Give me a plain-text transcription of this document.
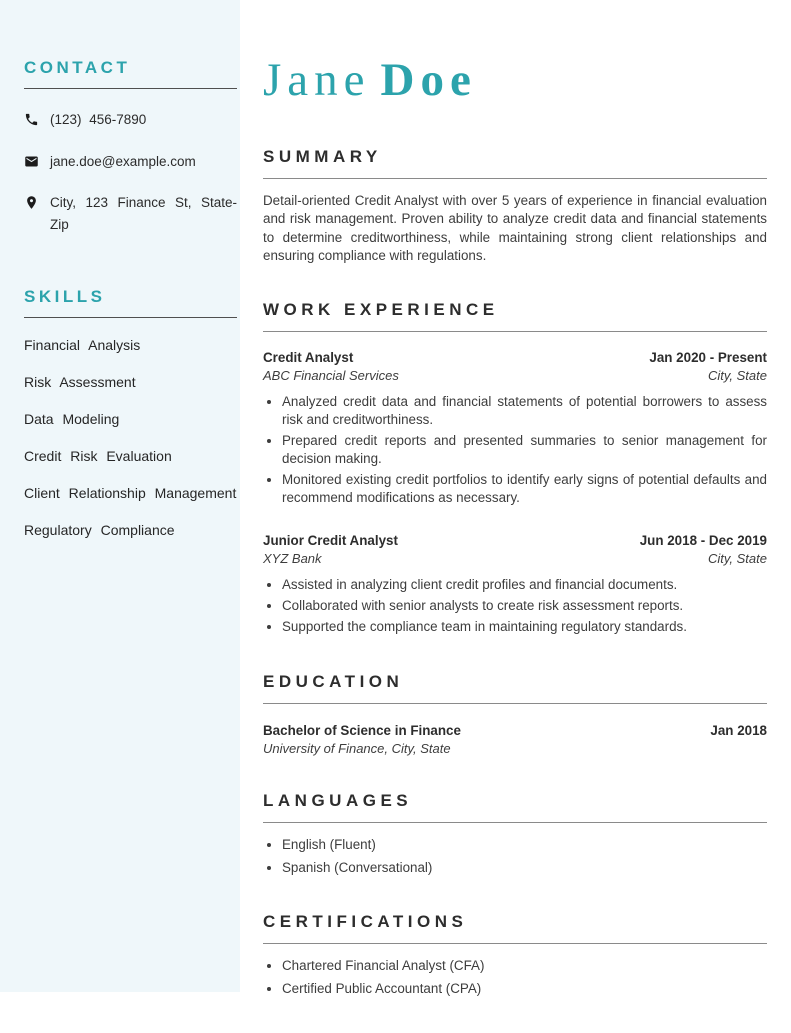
CONTACT
(123) 456-7890
jane.doe@example.com
City, 123 Finance St, State-Zip
SKILLS
Financial Analysis
Risk Assessment
Data Modeling
Credit Risk Evaluation
Client Relationship Management
Regulatory Compliance
Jane Doe
SUMMARY

Detail-oriented Credit Analyst with over 5 years of experience in financial evaluation and risk management. Proven ability to analyze credit data and financial statements to determine creditworthiness, while maintaining strong client relationships and ensuring compliance with regulations.

WORK EXPERIENCE
Credit Analyst	Jan 2020 - Present
ABC Financial Services	City, State
• Analyzed credit data and financial statements of potential borrowers to assess risk and creditworthiness.
• Prepared credit reports and presented summaries to senior management for decision making.
• Monitored existing credit portfolios to identify early signs of potential defaults and recommend modifications as necessary.
Junior Credit Analyst	Jun 2018 - Dec 2019
XYZ Bank	City, State
• Assisted in analyzing client credit profiles and financial documents.
• Collaborated with senior analysts to create risk assessment reports.
• Supported the compliance team in maintaining regulatory standards.
EDUCATION
Bachelor of Science in Finance	Jan 2018
University of Finance, City, State
LANGUAGES
• English (Fluent)
• Spanish (Conversational)
CERTIFICATIONS
• Chartered Financial Analyst (CFA)
• Certified Public Accountant (CPA)
